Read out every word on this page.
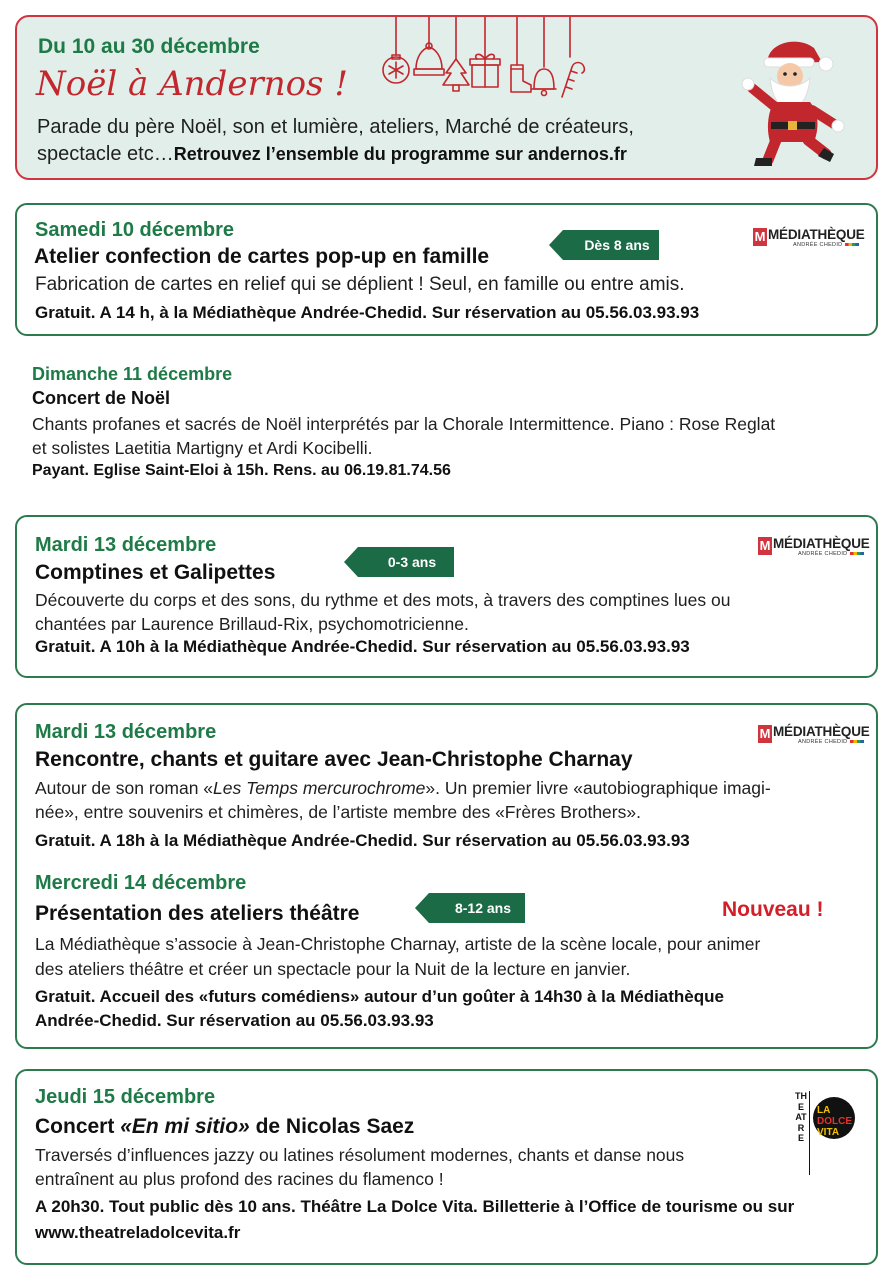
Du 10 au 30 décembre
Noël à Andernos !
Parade du père Noël, son et lumière, ateliers, Marché de créateurs,
spectacle etc…Retrouvez l’ensemble du programme sur andernos.fr
Samedi 10 décembre
Atelier confection de cartes pop-up en famille	Dès 8 ans
M MÉDIATHÈQUE
ANDRÉE CHEDID
Fabrication de cartes en relief qui se déplient ! Seul, en famille ou entre amis.
Gratuit. A 14 h, à la Médiathèque Andrée-Chedid. Sur réservation au 05.56.03.93.93
Dimanche 11 décembre
Concert de Noël
Chants profanes et sacrés de Noël interprétés par la Chorale Intermittence. Piano : Rose Reglat
et solistes Laetitia Martigny et Ardi Kocibelli.
Payant. Eglise Saint-Eloi à 15h. Rens. au 06.19.81.74.56
Mardi 13 décembre
Comptines et Galipettes	0-3 ans
M MÉDIATHÈQUE
ANDRÉE CHEDID
Découverte du corps et des sons, du rythme et des mots, à travers des comptines lues ou
chantées par Laurence Brillaud-Rix, psychomotricienne.
Gratuit. A 10h à la Médiathèque Andrée-Chedid. Sur réservation au 05.56.03.93.93
Mardi 13 décembre
Rencontre, chants et guitare avec Jean-Christophe Charnay
M MÉDIATHÈQUE
ANDRÉE CHEDID
Autour de son roman «Les Temps mercurochrome». Un premier livre «autobiographique imagi-
née», entre souvenirs et chimères, de l’artiste membre des «Frères Brothers».
Gratuit. A 18h à la Médiathèque Andrée-Chedid. Sur réservation au 05.56.03.93.93
Mercredi 14 décembre
Présentation des ateliers théâtre	8-12 ans	Nouveau !
La Médiathèque s’associe à Jean-Christophe Charnay, artiste de la scène locale, pour animer
des ateliers théâtre et créer un spectacle pour la Nuit de la lecture en janvier.
Gratuit. Accueil des «futurs comédiens» autour d’un goûter à 14h30 à la Médiathèque
Andrée-Chedid. Sur réservation au 05.56.03.93.93
Jeudi 15 décembre
Concert «En mi sitio» de Nicolas Saez
THEATRE
LA
DOLCE
VITA
Traversés d’influences jazzy ou latines résolument modernes, chants et danse nous
entraînent au plus profond des racines du flamenco !
A 20h30. Tout public dès 10 ans. Théâtre La Dolce Vita. Billetterie à l’Office de tourisme ou sur
www.theatreladolcevita.fr
